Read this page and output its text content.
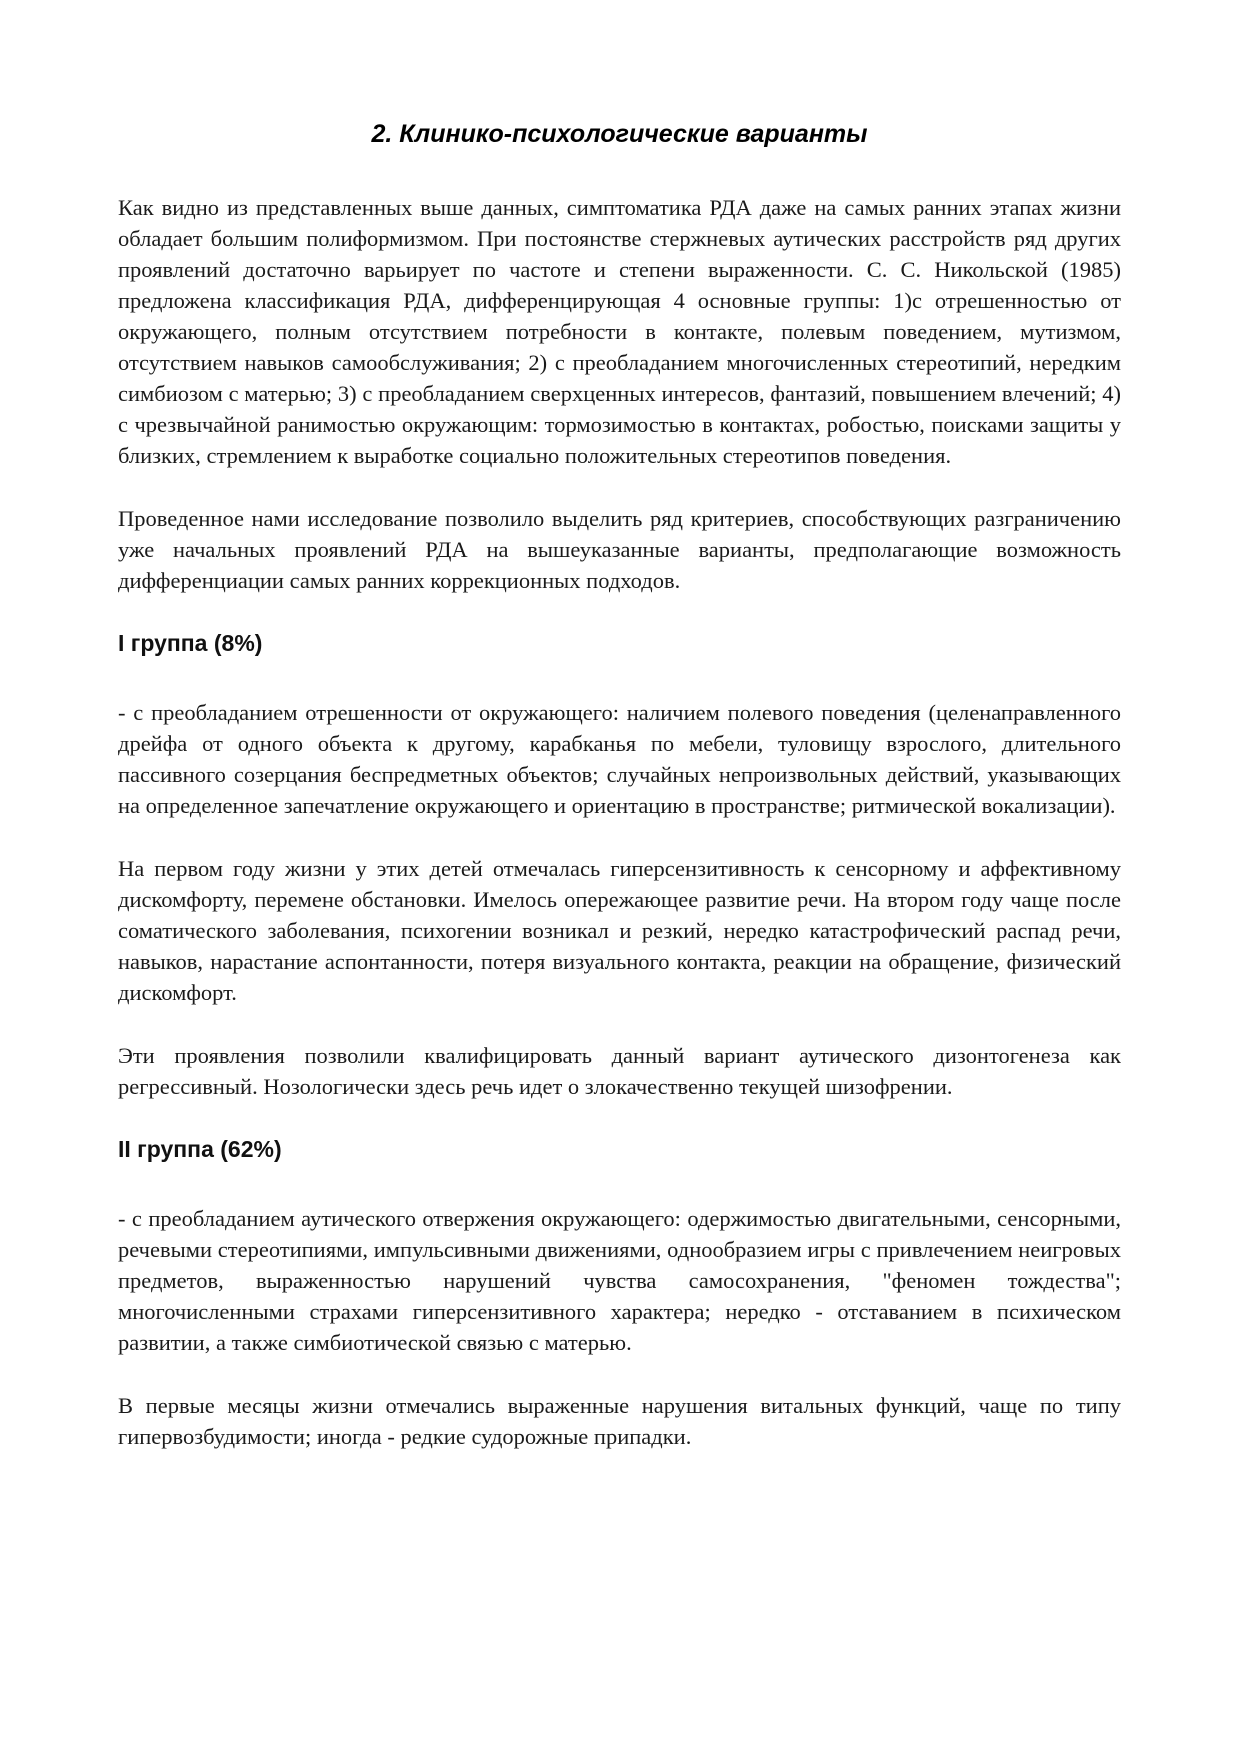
2. Клинико-психологические варианты

Как видно из представленных выше данных, симптоматика РДА даже на самых ранних этапах жизни обладает большим полиформизмом. При постоянстве стержневых аутических расстройств ряд других проявлений достаточно варьирует по частоте и степени выраженности. С. С. Никольской (1985) предложена классификация РДА, дифференцирующая 4 основные группы: 1)с отрешенностью от окружающего, полным отсутствием потребности в контакте, полевым поведением, мутизмом, отсутствием навыков самообслуживания; 2) с преобладанием многочисленных стереотипий, нередким симбиозом с матерью; 3) с преобладанием сверхценных интересов, фантазий, повышением влечений; 4) с чрезвычайной ранимостью окружающим: тормозимостью в контактах, робостью, поисками защиты у близких, стремлением к выработке социально положительных стереотипов поведения.

Проведенное нами исследование позволило выделить ряд критериев, способствующих разграничению уже начальных проявлений РДА на вышеуказанные варианты, предполагающие возможность дифференциации самых ранних коррекционных подходов.

I группа (8%)

- с преобладанием отрешенности от окружающего: наличием полевого поведения (целенаправленного дрейфа от одного объекта к другому, карабканья по мебели, туловищу взрослого, длительного пассивного созерцания беспредметных объектов; случайных непроизвольных действий, указывающих на определенное запечатление окружающего и ориентацию в пространстве; ритмической вокализации).

На первом году жизни у этих детей отмечалась гиперсензитивность к сенсорному и аффективному дискомфорту, перемене обстановки. Имелось опережающее развитие речи. На втором году чаще после соматического заболевания, психогении возникал и резкий, нередко катастрофический распад речи, навыков, нарастание аспонтанности, потеря визуального контакта, реакции на обращение, физический дискомфорт.

Эти проявления позволили квалифицировать данный вариант аутического дизонтогенеза как регрессивный. Нозологически здесь речь идет о злокачественно текущей шизофрении.

II группа (62%)

- с преобладанием аутического отвержения окружающего: одержимостью двигательными, сенсорными, речевыми стереотипиями, импульсивными движениями, однообразием игры с привлечением неигровых предметов, выраженностью нарушений чувства самосохранения, "феномен тождества"; многочисленными страхами гиперсензитивного характера; нередко - отставанием в психическом развитии, а также симбиотической связью с матерью.

В первые месяцы жизни отмечались выраженные нарушения витальных функций, чаще по типу гипервозбудимости; иногда - редкие судорожные припадки.
